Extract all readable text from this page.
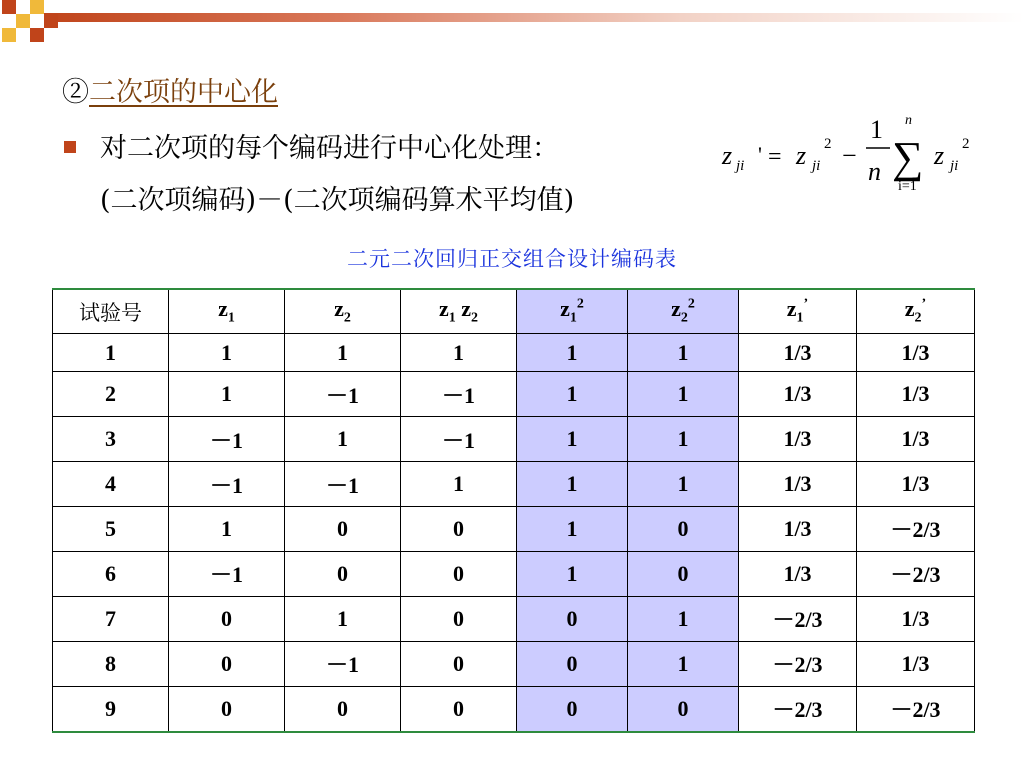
②二次项的中心化
对二次项的每个编码进行中心化处理：
(二次项编码)－(二次项编码算术平均值)
z ji ' = z ji
2 −
1
n
n
∑
i=1
z ji
2
二元二次回归正交组合设计编码表
试验号	$z_1$	$z_2$	$z_1$ $z_2$	$z_1^2$	$z_2^2$	$z_1^’$	$z_2^’$
1	1	1	1	1	1	1/3	1/3
2	1	－1	－1	1	1	1/3	1/3
3	－1	1	－1	1	1	1/3	1/3
4	－1	－1	1	1	1	1/3	1/3
5	1	0	0	1	0	1/3	－2/3
6	－1	0	0	1	0	1/3	－2/3
7	0	1	0	0	1	－2/3	1/3
8	0	－1	0	0	1	－2/3	1/3
9	0	0	0	0	0	－2/3	－2/3
